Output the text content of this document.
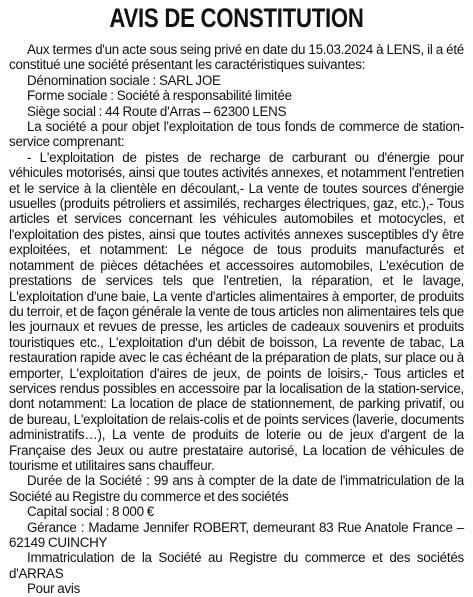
AVIS DE CONSTITUTION

Aux termes d'un acte sous seing privé en date du 15.03.2024 à LENS, il a été constitué une société présentant les caractéristiques suivantes:

Dénomination sociale : SARL JOE
Forme sociale : Société à responsabilité limitée
Siège social : 44 Route d'Arras – 62300 LENS

La société a pour objet l'exploitation de tous fonds de commerce de station-service comprenant:

- L'exploitation de pistes de recharge de carburant ou d'énergie pour véhicules motorisés, ainsi que toutes activités annexes, et notamment l'entretien et le service à la clientèle en découlant,- La vente de toutes sources d'énergie usuelles (produits pétroliers et assimilés, recharges électriques, gaz, etc.),- Tous articles et services concernant les véhicules automobiles et motocycles, et l'exploitation des pistes, ainsi que toutes activités annexes susceptibles d'y être exploitées, et notamment: Le négoce de tous produits manufacturés et notamment de pièces détachées et accessoires automobiles, L'exécution de prestations de services tels que l'entretien, la réparation, et le lavage, L'exploitation d'une baie, La vente d'articles alimentaires à emporter, de produits du terroir, et de façon générale la vente de tous articles non alimentaires tels que les journaux et revues de presse, les articles de cadeaux souvenirs et produits touristiques etc., L'exploitation d'un débit de boisson, La revente de tabac, La restauration rapide avec le cas échéant de la préparation de plats, sur place ou à emporter, L'exploitation d'aires de jeux, de points de loisirs,- Tous articles et services rendus possibles en accessoire par la localisation de la station-service, dont notamment: La location de place de stationnement, de parking privatif, ou de bureau, L'exploitation de relais-colis et de points services (laverie, documents administratifs…), La vente de produits de loterie ou de jeux d'argent de la Française des Jeux ou autre prestataire autorisé, La location de véhicules de tourisme et utilitaires sans chauffeur.

Durée de la Société : 99 ans à compter de la date de l'immatriculation de la Société au Registre du commerce et des sociétés

Capital social : 8 000 €

Gérance : Madame Jennifer ROBERT, demeurant 83 Rue Anatole France – 62149 CUINCHY

Immatriculation de la Société au Registre du commerce et des sociétés d'ARRAS

Pour avis
